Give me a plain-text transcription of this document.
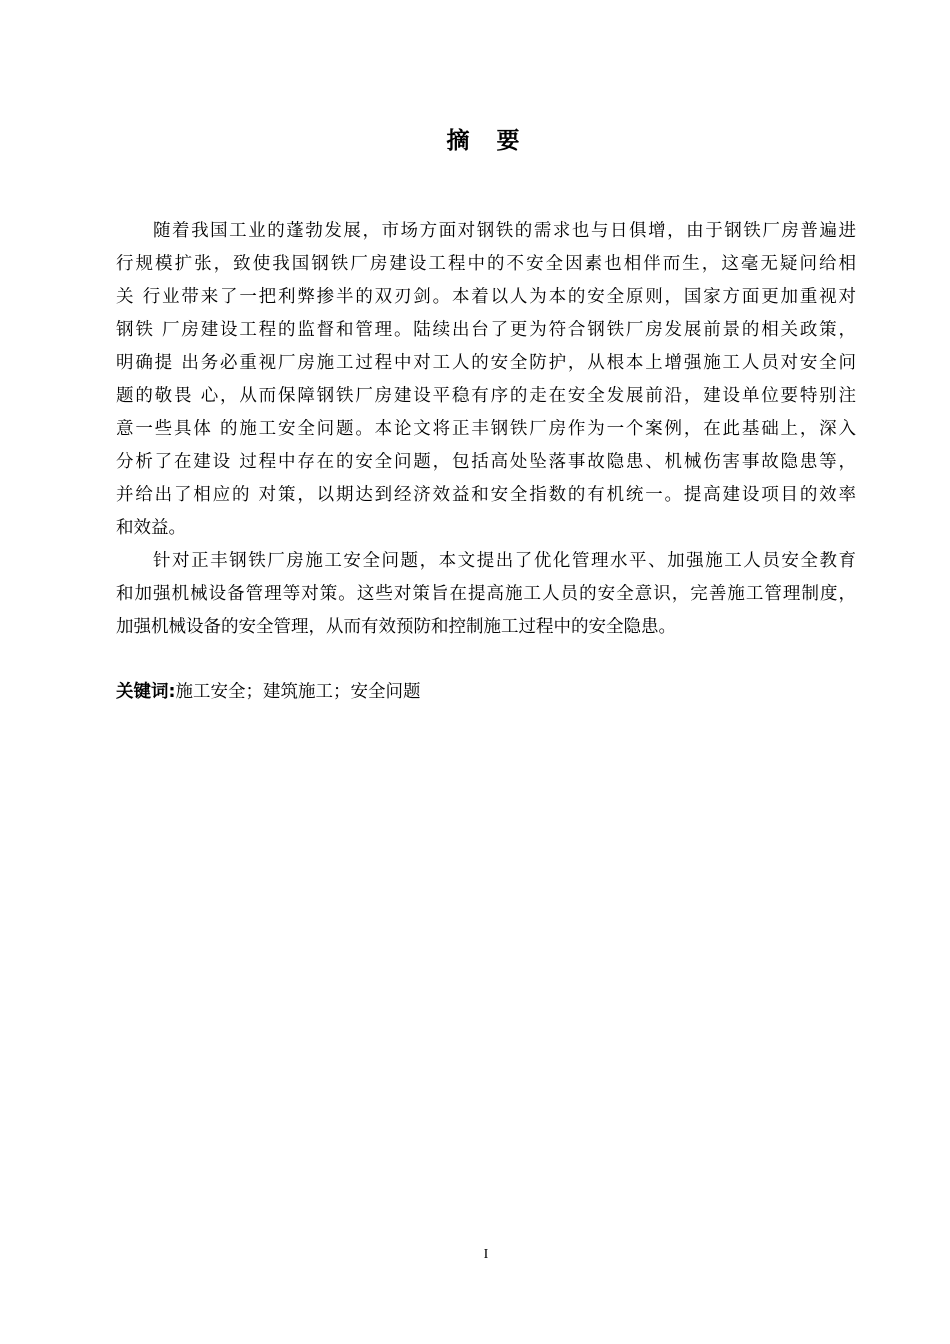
摘 要
随着我国工业的蓬勃发展，市场方面对钢铁的需求也与日俱增，由于钢铁厂房普遍进
行规模扩张，致使我国钢铁厂房建设工程中的不安全因素也相伴而生，这毫无疑问给相
关 行业带来了一把利弊掺半的双刃剑。本着以人为本的安全原则，国家方面更加重视对
钢铁 厂房建设工程的监督和管理。陆续出台了更为符合钢铁厂房发展前景的相关政策，
明确提 出务必重视厂房施工过程中对工人的安全防护，从根本上增强施工人员对安全问
题的敬畏 心，从而保障钢铁厂房建设平稳有序的走在安全发展前沿，建设单位要特别注
意一些具体 的施工安全问题。本论文将正丰钢铁厂房作为一个案例，在此基础上，深入
分析了在建设 过程中存在的安全问题，包括高处坠落事故隐患、机械伤害事故隐患等，
并给出了相应的 对策，以期达到经济效益和安全指数的有机统一。提高建设项目的效率
和效益。
针对正丰钢铁厂房施工安全问题，本文提出了优化管理水平、加强施工人员安全教育
和加强机械设备管理等对策。这些对策旨在提高施工人员的安全意识，完善施工管理制度，
加强机械设备的安全管理，从而有效预防和控制施工过程中的安全隐患。
关键词:施工安全；建筑施工；安全问题
I
